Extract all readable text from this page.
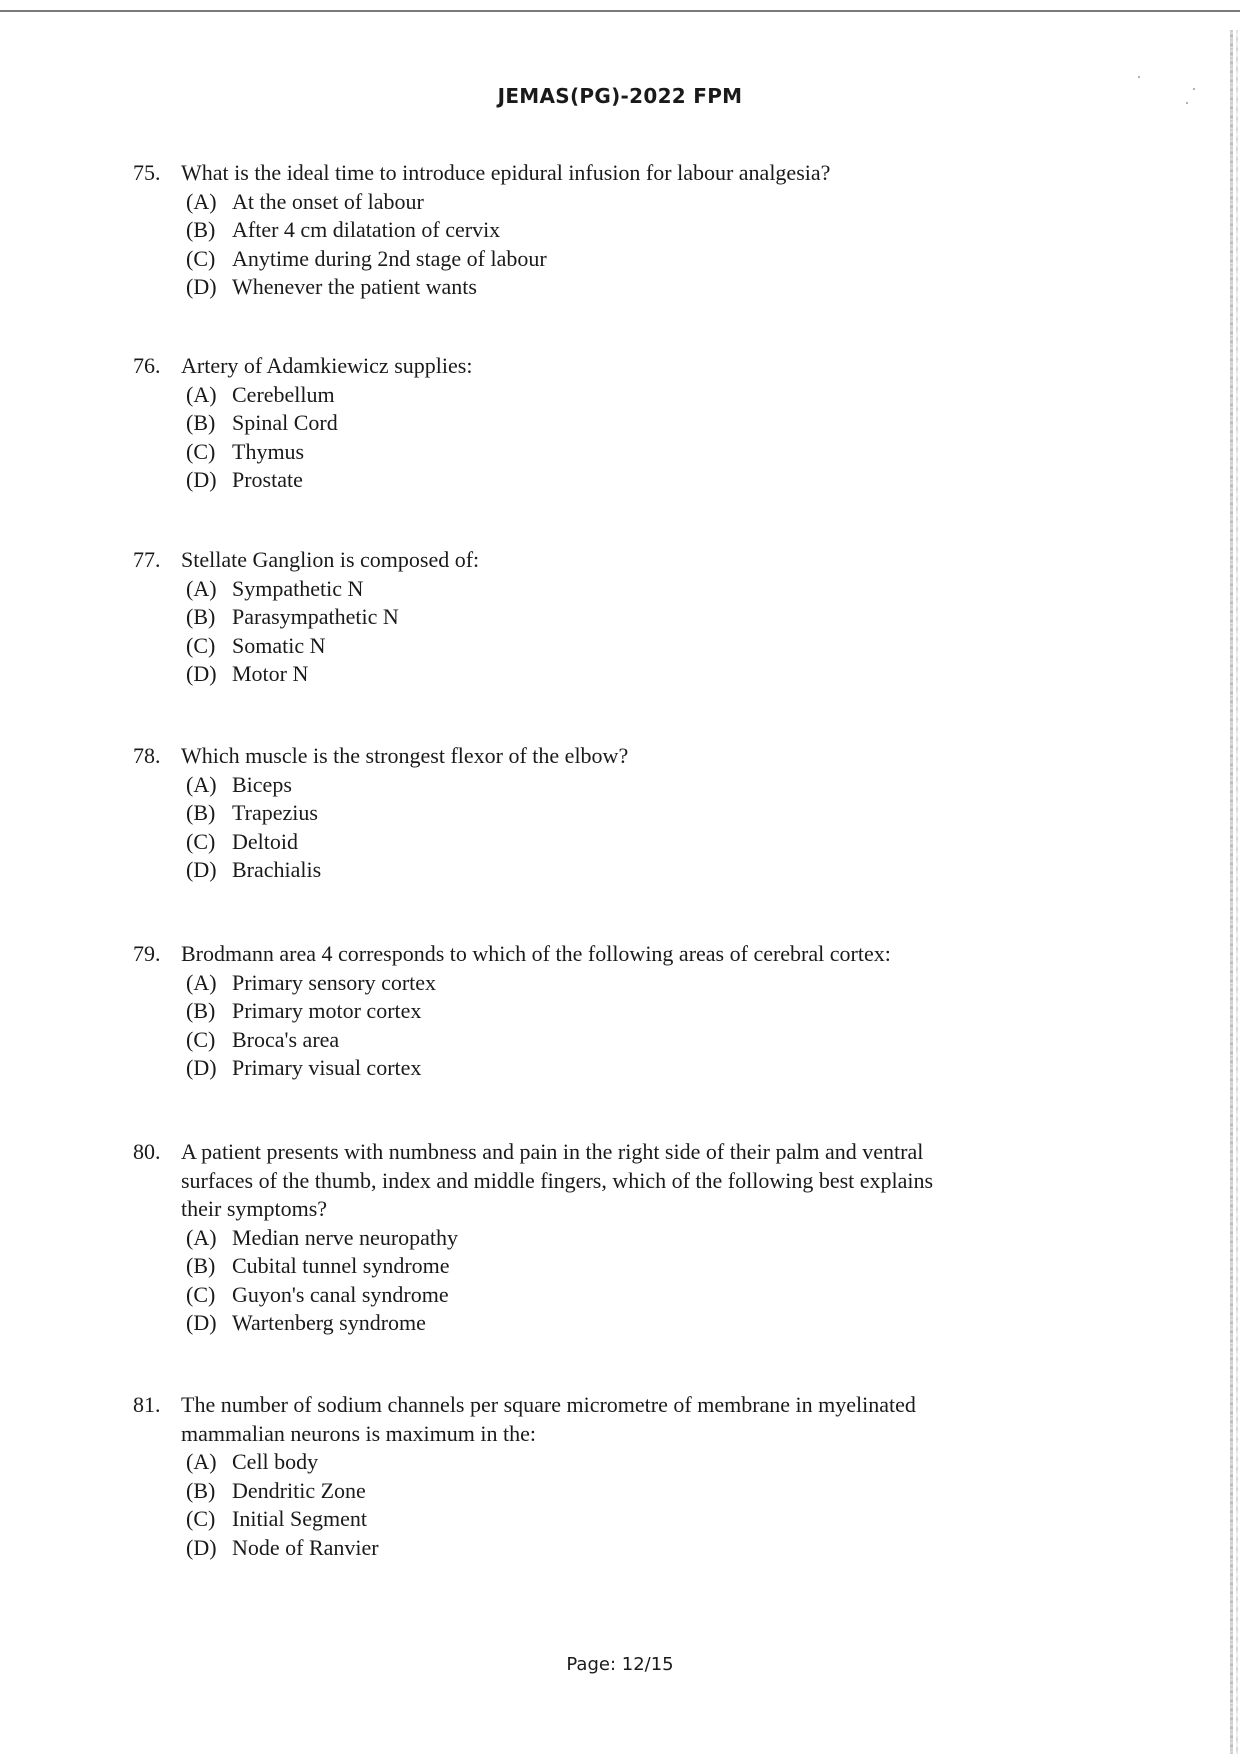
JEMAS(PG)-2022 FPM
75. What is the ideal time to introduce epidural infusion for labour analgesia?
(A) At the onset of labour
(B) After 4 cm dilatation of cervix
(C) Anytime during 2nd stage of labour
(D) Whenever the patient wants
76. Artery of Adamkiewicz supplies:
(A) Cerebellum
(B) Spinal Cord
(C) Thymus
(D) Prostate
77. Stellate Ganglion is composed of:
(A) Sympathetic N
(B) Parasympathetic N
(C) Somatic N
(D) Motor N
78. Which muscle is the strongest flexor of the elbow?
(A) Biceps
(B) Trapezius
(C) Deltoid
(D) Brachialis
79. Brodmann area 4 corresponds to which of the following areas of cerebral cortex:
(A) Primary sensory cortex
(B) Primary motor cortex
(C) Broca's area
(D) Primary visual cortex
80. A patient presents with numbness and pain in the right side of their palm and ventral
surfaces of the thumb, index and middle fingers, which of the following best explains
their symptoms?
(A) Median nerve neuropathy
(B) Cubital tunnel syndrome
(C) Guyon's canal syndrome
(D) Wartenberg syndrome
81. The number of sodium channels per square micrometre of membrane in myelinated
mammalian neurons is maximum in the:
(A) Cell body
(B) Dendritic Zone
(C) Initial Segment
(D) Node of Ranvier
Page: 12/15
